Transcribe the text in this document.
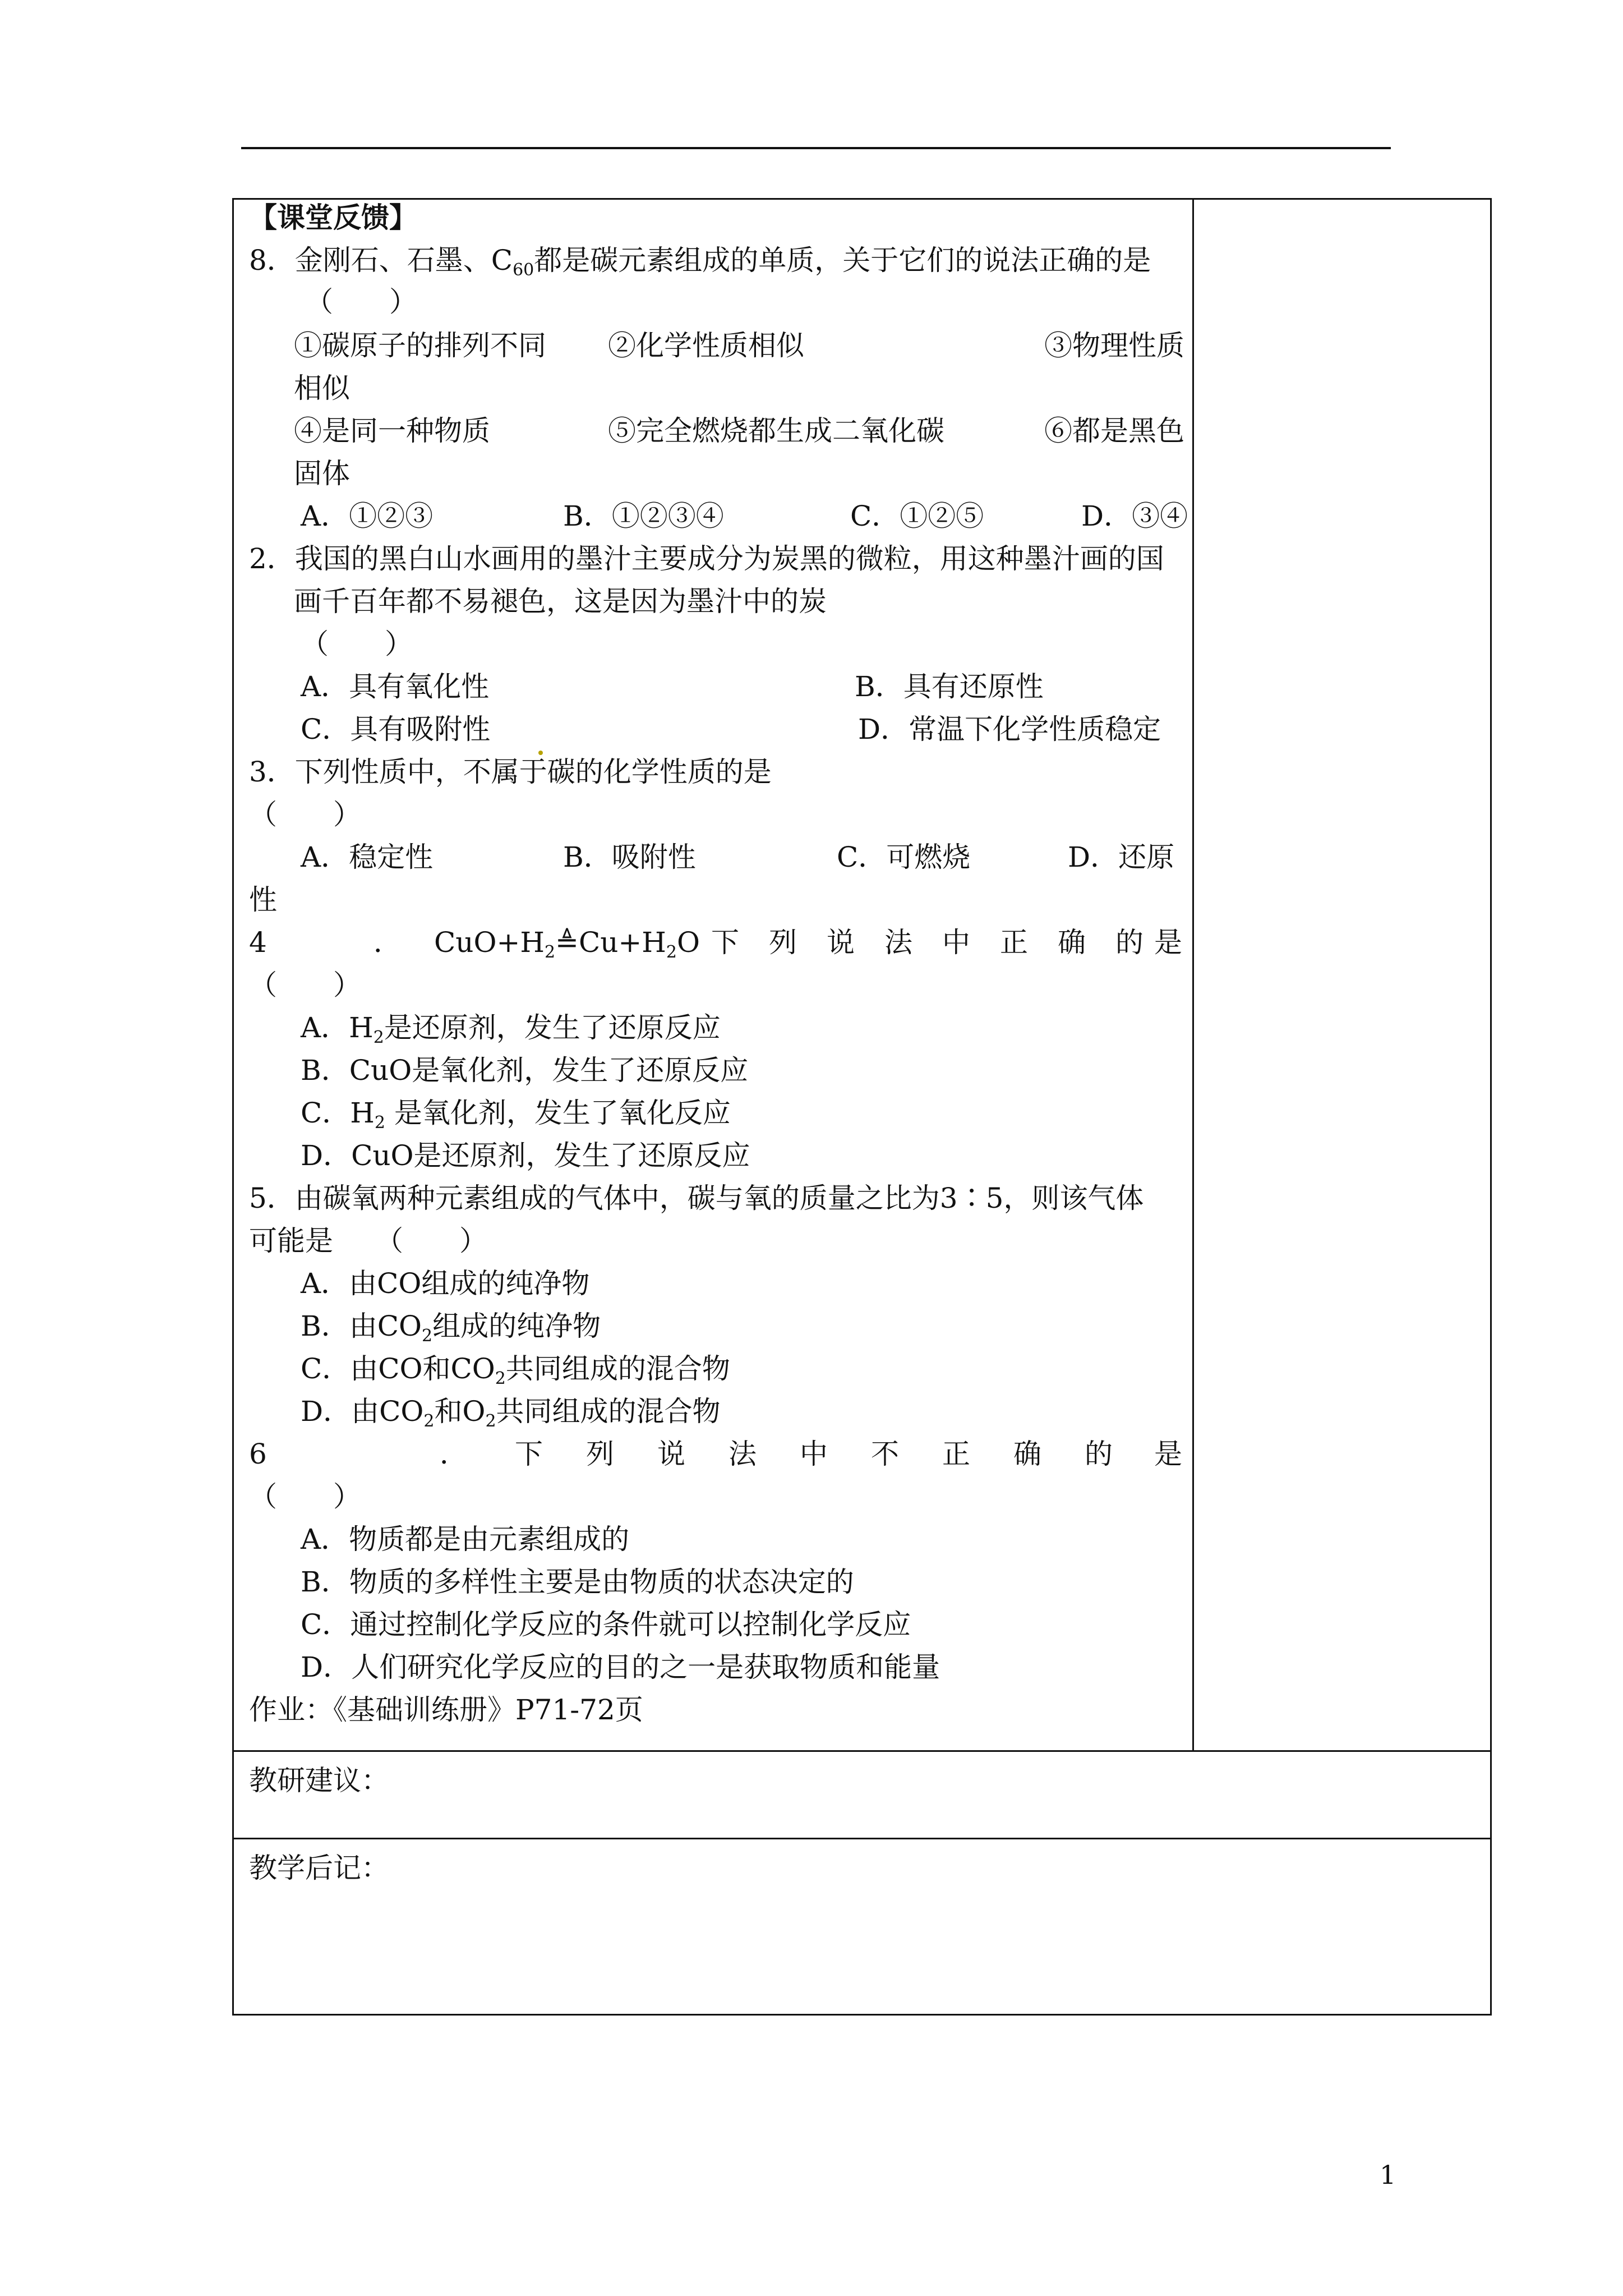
【课堂反馈】
8．金刚石、石墨、$C_{60}$都是碳元素组成的单质，关于它们的说法正确的是
（　　）
①碳原子的排列不同 ②化学性质相似	③物理性质
相似
④是同一种物质	⑤完全燃烧都生成二氧化碳	⑥都是黑色
固体
A．①②③	B．①②③④	C．①②⑤	D．③④
2．我国的黑白山水画用的墨汁主要成分为炭黑的微粒，用这种墨汁画的国
画千百年都不易褪色，这是因为墨汁中的炭
（　　）
A．具有氧化性	B．具有还原性
C．具有吸附性	D．常温下化学性质稳定
3．下列性质中，不属于碳的化学性质的是
（　　）
A．稳定性	B．吸附性	C．可燃烧	D．还原
性
4	． $CuO+H_2≜Cu+H_2O$ 下 列 说 法 中 正 确 的 是
（　　）
A．$H_2$是还原剂，发生了还原反应
B．CuO是氧化剂，发生了还原反应
C．$H_2$ 是氧化剂，发生了氧化反应
D．CuO是还原剂，发生了还原反应
5．由碳氧两种元素组成的气体中，碳与氧的质量之比为3∶5，则该气体
可能是　　（　　）
A．由CO组成的纯净物
B．由$CO_2$组成的纯净物
C．由CO和$CO_2$共同组成的混合物
D．由$CO_2$和$O_2$共同组成的混合物
6	． 下 列 说 法 中 不 正 确 的 是
（　　）
A．物质都是由元素组成的
B．物质的多样性主要是由物质的状态决定的
C．通过控制化学反应的条件就可以控制化学反应
D．人们研究化学反应的目的之一是获取物质和能量
作业：《基础训练册》P71-72页
教研建议：
教学后记：
1
